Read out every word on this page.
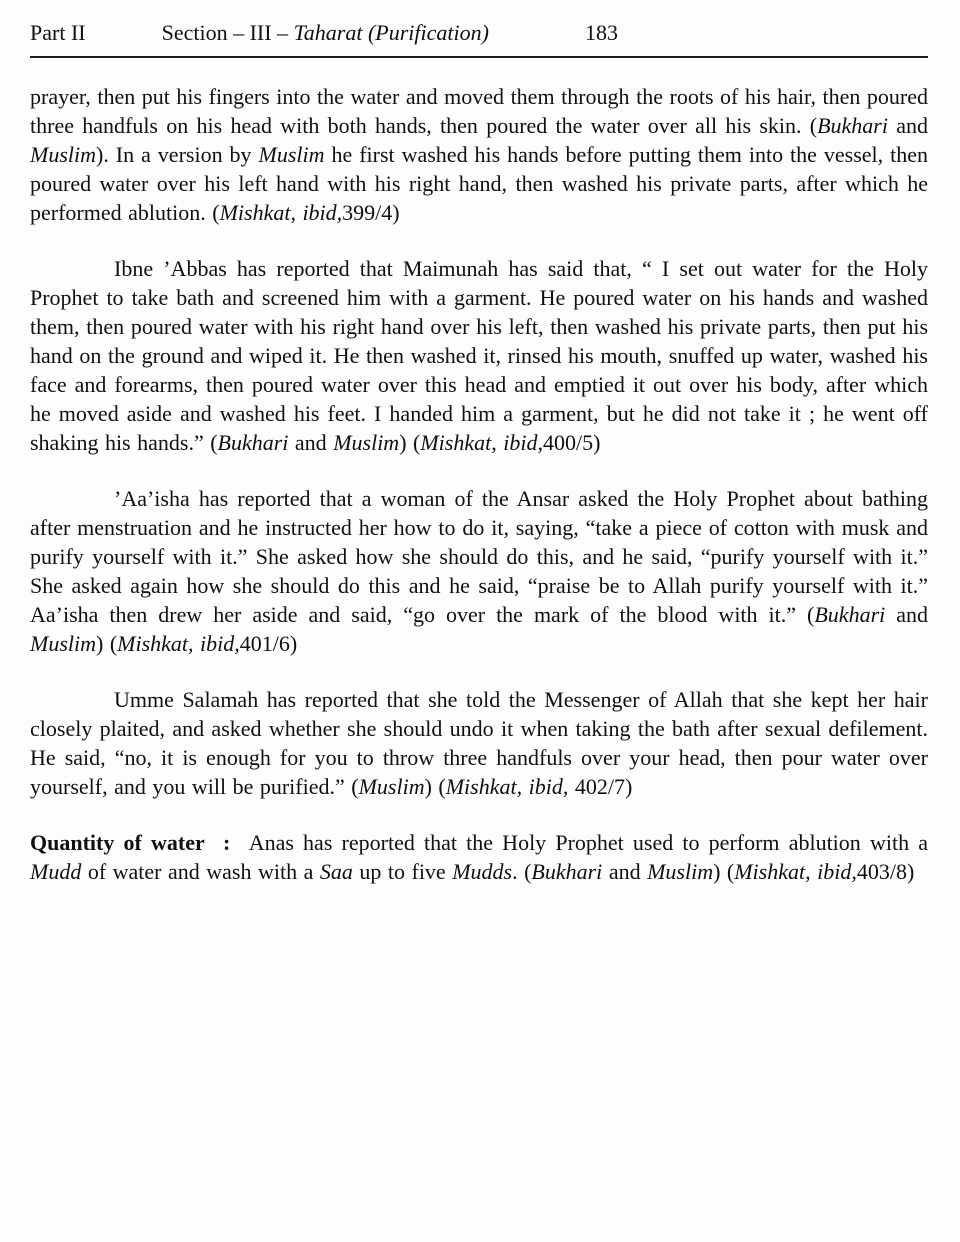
Part II	Section – III – Taharat (Purification)	183

prayer, then put his fingers into the water and moved them through the roots of his hair, then poured three handfuls on his head with both hands, then poured the water over all his skin. (Bukhari and Muslim). In a version by Muslim he first washed his hands before putting them into the vessel, then poured water over his left hand with his right hand, then washed his private parts, after which he performed ablution. (Mishkat, ibid,399/4)

Ibne ’Abbas has reported that Maimunah has said that, “ I set out water for the Holy Prophet to take bath and screened him with a garment. He poured water on his hands and washed them, then poured water with his right hand over his left, then washed his private parts, then put his hand on the ground and wiped it. He then washed it, rinsed his mouth, snuffed up water, washed his face and forearms, then poured water over this head and emptied it out over his body, after which he moved aside and washed his feet. I handed him a garment, but he did not take it ; he went off shaking his hands.” (Bukhari and Muslim) (Mishkat, ibid,400/5)

’Aa’isha has reported that a woman of the Ansar asked the Holy Prophet about bathing after menstruation and he instructed her how to do it, saying, “take a piece of cotton with musk and purify yourself with it.” She asked how she should do this, and he said, “purify yourself with it.” She asked again how she should do this and he said, “praise be to Allah purify yourself with it.” Aa’isha then drew her aside and said, “go over the mark of the blood with it.” (Bukhari and Muslim) (Mishkat, ibid,401/6)

Umme Salamah has reported that she told the Messenger of Allah that she kept her hair closely plaited, and asked whether she should undo it when taking the bath after sexual defilement. He said, “no, it is enough for you to throw three handfuls over your head, then pour water over yourself, and you will be purified.” (Muslim) (Mishkat, ibid, 402/7)

Quantity of water  :  Anas has reported that the Holy Prophet used to perform ablution with a Mudd of water and wash with a Saa up to five Mudds. (Bukhari and Muslim) (Mishkat, ibid,403/8)
